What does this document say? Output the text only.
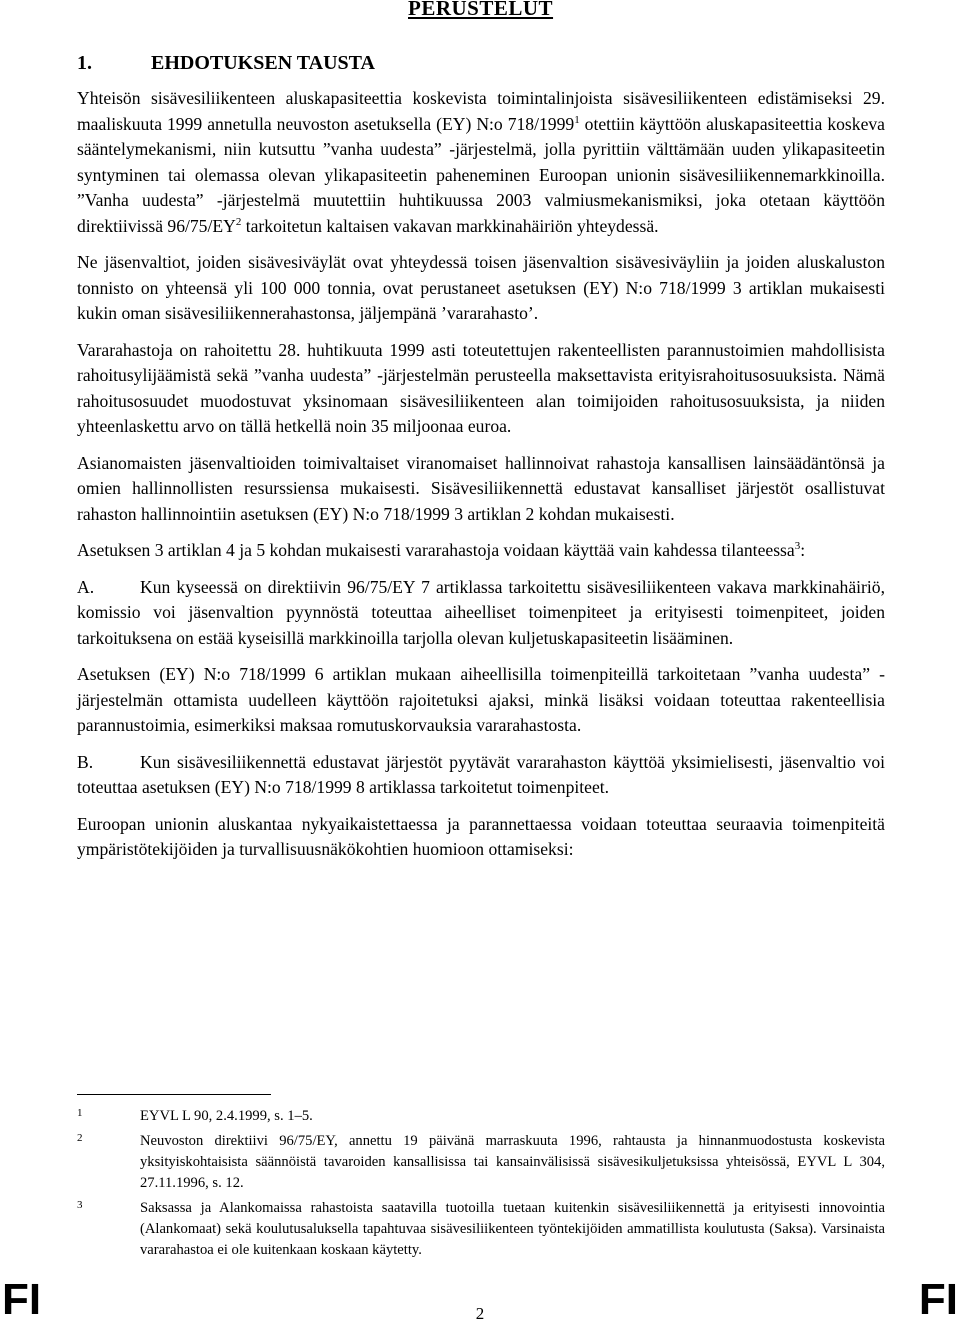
PERUSTELUT
1.	EHDOTUKSEN TAUSTA

Yhteisön sisävesiliikenteen aluskapasiteettia koskevista toimintalinjoista sisävesiliikenteen edistämiseksi 29. maaliskuuta 1999 annetulla neuvoston asetuksella (EY) N:o 718/1999$^1$ otettiin käyttöön aluskapasiteettia koskeva sääntelymekanismi, niin kutsuttu ”vanha uudesta” -järjestelmä, jolla pyrittiin välttämään uuden ylikapasiteetin syntyminen tai olemassa olevan ylikapasiteetin paheneminen Euroopan unionin sisävesiliikennemarkkinoilla. ”Vanha uudesta” -järjestelmä muutettiin huhtikuussa 2003 valmiusmekanismiksi, joka otetaan käyttöön direktiivissä $96/75/EY^2$ tarkoitetun kaltaisen vakavan markkinahäiriön yhteydessä.

Ne jäsenvaltiot, joiden sisävesiväylät ovat yhteydessä toisen jäsenvaltion sisävesiväyliin ja joiden aluskaluston tonnisto on yhteensä yli 100 000 tonnia, ovat perustaneet asetuksen (EY) N:o 718/1999 3 artiklan mukaisesti kukin oman sisävesiliikennerahastonsa, jäljempänä ’vararahasto’.

Vararahastoja on rahoitettu 28. huhtikuuta 1999 asti toteutettujen rakenteellisten parannustoimien mahdollisista rahoitusylijäämistä sekä ”vanha uudesta” -järjestelmän perusteella maksettavista erityisrahoitusosuuksista. Nämä rahoitusosuudet muodostuvat yksinomaan sisävesiliikenteen alan toimijoiden rahoitusosuuksista, ja niiden yhteenlaskettu arvo on tällä hetkellä noin 35 miljoonaa euroa.

Asianomaisten jäsenvaltioiden toimivaltaiset viranomaiset hallinnoivat rahastoja kansallisen lainsäädäntönsä ja omien hallinnollisten resurssiensa mukaisesti. Sisävesiliikennettä edustavat kansalliset järjestöt osallistuvat rahaston hallinnointiin asetuksen (EY) N:o 718/1999 3 artiklan 2 kohdan mukaisesti.

Asetuksen 3 artiklan 4 ja 5 kohdan mukaisesti vararahastoja voidaan käyttää vain kahdessa tilanteessa$^3$:

A.	Kun kyseessä on direktiivin 96/75/EY 7 artiklassa tarkoitettu sisävesiliikenteen vakava markkinahäiriö, komissio voi jäsenvaltion pyynnöstä toteuttaa aiheelliset toimenpiteet ja erityisesti toimenpiteet, joiden tarkoituksena on estää kyseisillä markkinoilla tarjolla olevan kuljetuskapasiteetin lisääminen.

Asetuksen (EY) N:o 718/1999 6 artiklan mukaan aiheellisilla toimenpiteillä tarkoitetaan ”vanha uudesta” -järjestelmän ottamista uudelleen käyttöön rajoitetuksi ajaksi, minkä lisäksi voidaan toteuttaa rakenteellisia parannustoimia, esimerkiksi maksaa romutuskorvauksia vararahastosta.

B.	Kun sisävesiliikennettä edustavat järjestöt pyytävät vararahaston käyttöä yksimielisesti, jäsenvaltio voi toteuttaa asetuksen (EY) N:o 718/1999 8 artiklassa tarkoitetut toimenpiteet.

Euroopan unionin aluskantaa nykyaikaistettaessa ja parannettaessa voidaan toteuttaa seuraavia toimenpiteitä ympäristötekijöiden ja turvallisuusnäkökohtien huomioon ottamiseksi:

1	EYVL L 90, 2.4.1999, s. 1–5.
2	Neuvoston direktiivi 96/75/EY, annettu 19 päivänä marraskuuta 1996, rahtausta ja hinnanmuodostusta koskevista yksityiskohtaisista säännöistä tavaroiden kansallisissa tai kansainvälisissä sisävesikuljetuksissa yhteisössä, EYVL L 304, 27.11.1996, s. 12.
3	Saksassa ja Alankomaissa rahastoista saatavilla tuotoilla tuetaan kuitenkin sisävesiliikennettä ja erityisesti innovointia (Alankomaat) sekä koulutusaluksella tapahtuvaa sisävesiliikenteen työntekijöiden ammatillista koulutusta (Saksa). Varsinaista vararahastoa ei ole kuitenkaan koskaan käytetty.
FI	2	FI
